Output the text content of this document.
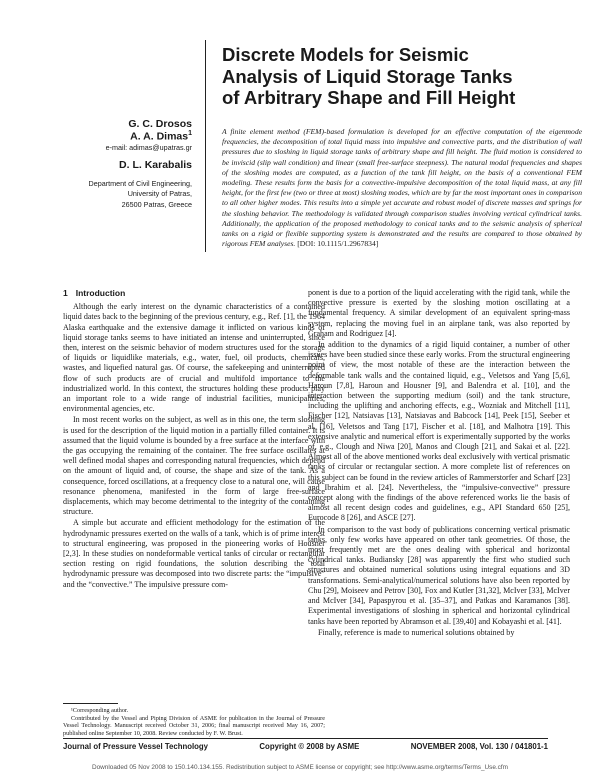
Discrete Models for Seismic
Analysis of Liquid Storage Tanks
of Arbitrary Shape and Fill Height
G. C. Drosos
A. A. Dimas$^1$
e-mail: adimas@upatras.gr
D. L. Karabalis
Department of Civil Engineering,
University of Patras,
26500 Patras, Greece
A finite element method (FEM)-based formulation is developed for an effective computation of the eigenmode frequencies, the decomposition of total liquid mass into impulsive and convective parts, and the distribution of wall pressures due to sloshing in liquid storage tanks of arbitrary shape and fill height. The fluid motion is considered to be inviscid (slip wall condition) and linear (small free-surface steepness). The natural modal frequencies and shapes of the sloshing modes are computed, as a function of the tank fill height, on the basis of a conventional FEM modeling. These results form the basis for a convective-impulsive decomposition of the total liquid mass, at any fill height, for the first few (two or three at most) sloshing modes, which are by far the most important ones in comparison to all other higher modes. This results into a simple yet accurate and robust model of discrete masses and springs for the sloshing behavior. The methodology is validated through comparison studies involving vertical cylindrical tanks. Additionally, the application of the proposed methodology to conical tanks and to the seismic analysis of spherical tanks on a rigid or flexible supporting system is demonstrated and the results are compared to those obtained by rigorous FEM analyses. [DOI: 10.1115/1.2967834]
1 Introduction

Although the early interest on the dynamic characteristics of a contained liquid dates back to the beginning of the previous century, e.g., Ref. [1], the 1964 Alaska earthquake and the extensive damage it inflicted on various kinds of liquid storage tanks seems to have initiated an intense and uninterrupted, since then, interest on the seismic behavior of modern structures used for the storage of liquids or liquidlike materials, e.g., water, fuel, oil products, chemicals, wastes, and liquefied natural gas. Of course, the safekeeping and uninterrupted flow of such products are of crucial and multifold importance to the industrialized world. In this context, the structures holding these products play an important role to a wide range of industrial facilities, municipalities, environmental agencies, etc.

In most recent works on the subject, as well as in this one, the term sloshing is used for the description of the liquid motion in a partially filled container. It is assumed that the liquid volume is bounded by a free surface at the interface with the gas occupying the remaining of the container. The free surface oscillates at well defined modal shapes and corresponding natural frequencies, which depend on the amount of liquid and, of course, the shape and size of the tank. As a consequence, forced oscillations, at a frequency close to a natural one, will cause resonance phenomena, manifested in the form of large free-surface displacements, which may become detrimental to the integrity of the containing structure.

A simple but accurate and efficient methodology for the estimation of the hydrodynamic pressures exerted on the walls of a tank, which is of prime interest to structural engineering, was proposed in the pioneering works of Housner [2,3]. In these studies on nondeformable vertical tanks of circular or rectangular section resting on rigid foundations, the solution describing the total hydrodynamic pressure was decomposed into two discrete parts: the “impulsive” and the “convective.” The impulsive pressure com-

¹Corresponding author.
Contributed by the Vessel and Piping Division of ASME for publication in the Journal of Pressure Vessel Technology. Manuscript received October 31, 2006; final manuscript received May 16, 2007; published online September 10, 2008. Review conducted by F. W. Brust.

ponent is due to a portion of the liquid accelerating with the rigid tank, while the convective pressure is exerted by the sloshing motion oscillating at a fundamental frequency. A similar development of an equivalent spring-mass system, replacing the moving fuel in an airplane tank, was also reported by Graham and Rodriguez [4].

In addition to the dynamics of a rigid liquid container, a number of other issues have been studied since these early works. From the structural engineering point of view, the most notable of these are the interaction between the deformable tank walls and the contained liquid, e.g., Veletsos and Yang [5,6], Haroun [7,8], Haroun and Housner [9], and Balendra et al. [10], and the interaction between the supporting medium (soil) and the tank structure, including the uplifting and anchoring effects, e.g., Wozniak and Mitchell [11], Fischer [12], Natsiavas [13], Natsiavas and Babcock [14], Peek [15], Seeber et al. [16], Veletsos and Tang [17], Fischer et al. [18], and Malhotra [19]. This extensive analytic and numerical effort is experimentally supported by the works of, e.g., Clough and Niwa [20], Manos and Clough [21], and Sakai et al. [22]. Almost all of the above mentioned works deal exclusively with vertical prismatic tanks of circular or rectangular section. A more complete list of references on this subject can be found in the review articles of Rammerstorfer and Scharf [23] and Ibrahim et al. [24]. Nevertheless, the “impulsive-convective” pressure concept along with the findings of the above referenced works lie the basis of almost all recent design codes and guidelines, e.g., API Standard 650 [25], Eurocode 8 [26], and ASCE [27].

In comparison to the vast body of publications concerning vertical prismatic tanks, only few works have appeared on other tank geometries. Of those, the most frequently met are the ones dealing with spherical and horizontal cylindrical tanks. Budiansky [28] was apparently the first who studied such structures and obtained numerical solutions using integral equations and 3D transformations. Semi-analytical/numerical solutions have also been reported by Chu [29], Moiseev and Petrov [30], Fox and Kutler [31,32], McIver [33], McIver and McIver [34], Papaspyrou et al. [35–37], and Patkas and Karamanos [38]. Experimental investigations of sloshing in spherical and horizontal cylindrical tanks have been reported by Abramson et al. [39,40] and Kobayashi et al. [41].

Finally, reference is made to numerical solutions obtained by

Journal of Pressure Vessel Technology	Copyright © 2008 by ASME	NOVEMBER 2008, Vol. 130 / 041801-1
Downloaded 05 Nov 2008 to 150.140.134.155. Redistribution subject to ASME license or copyright; see http://www.asme.org/terms/Terms_Use.cfm
